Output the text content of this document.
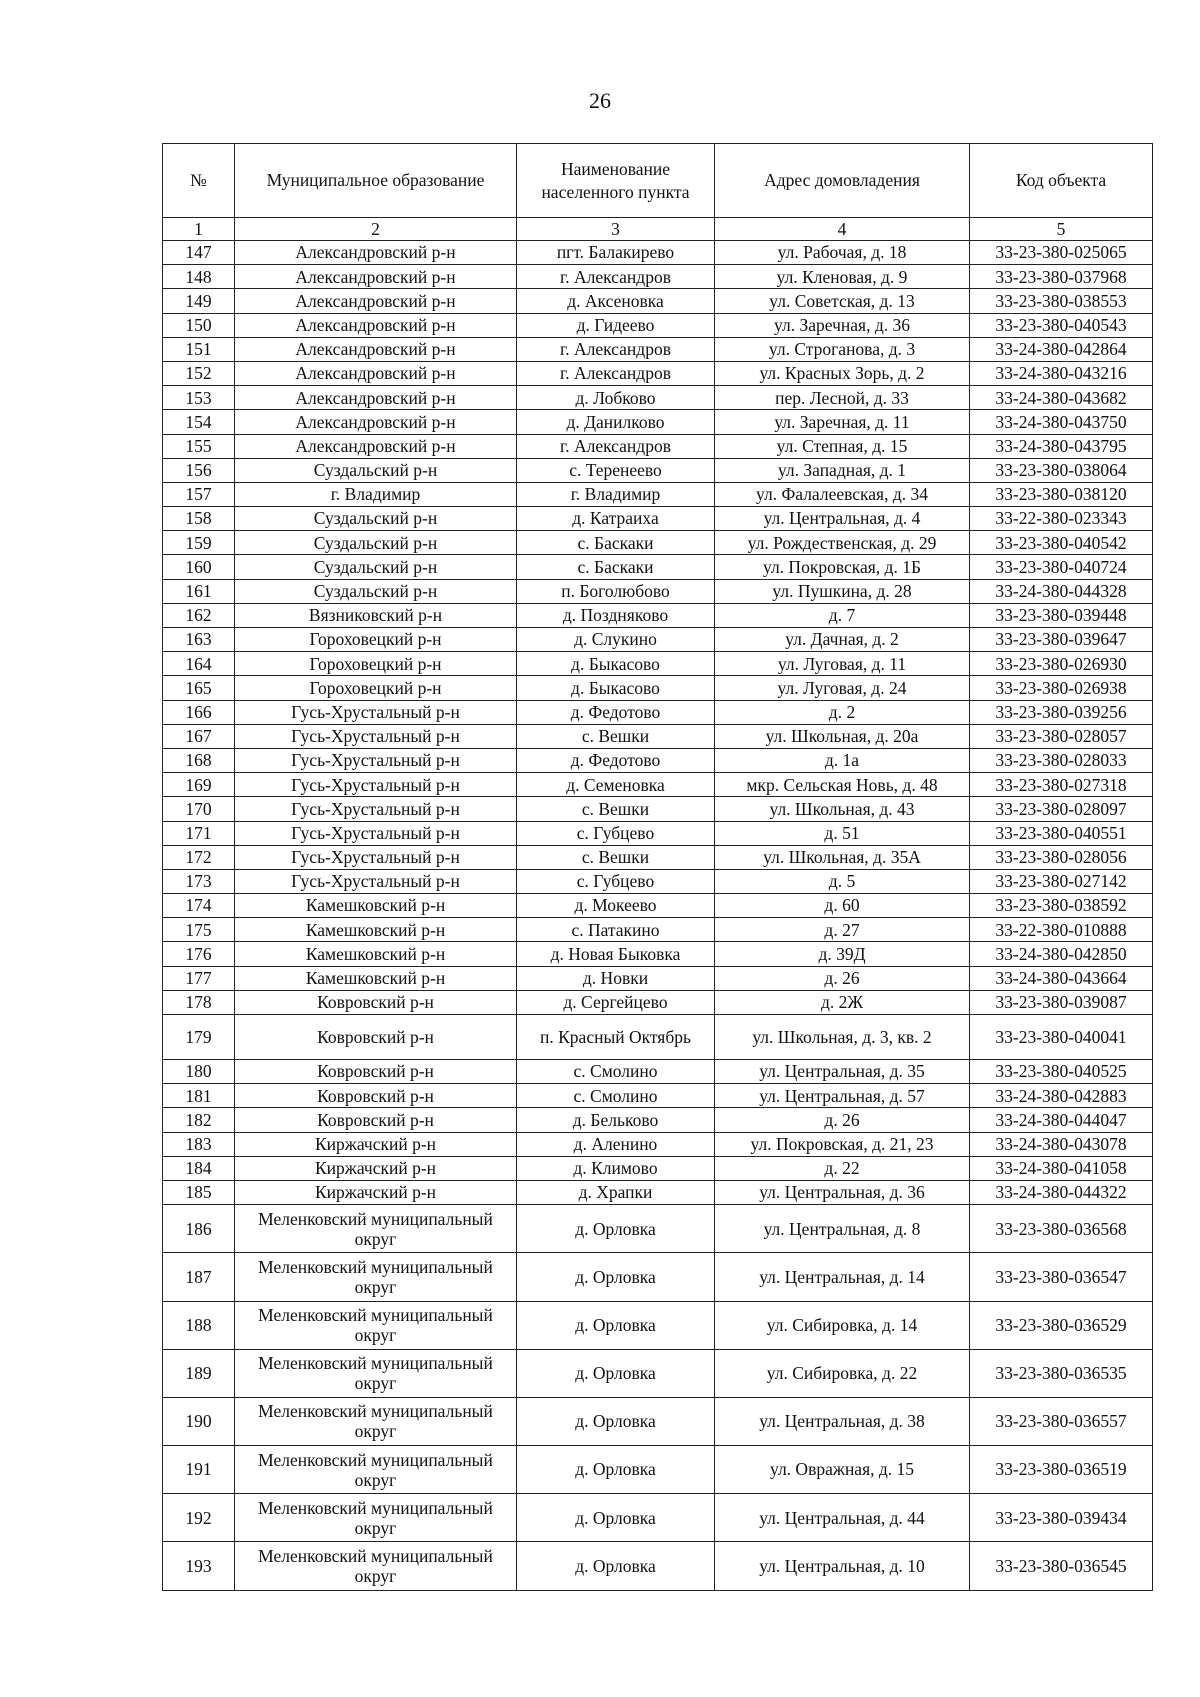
26
№	Муниципальное образование	Наименование населенного пункта	Адрес домовладения	Код объекта
1	2	3	4	5
147	Александровский р-н	пгт. Балакирево	ул. Рабочая, д. 18	33-23-380-025065
148	Александровский р-н	г. Александров	ул. Кленовая, д. 9	33-23-380-037968
149	Александровский р-н	д. Аксеновка	ул. Советская, д. 13	33-23-380-038553
150	Александровский р-н	д. Гидеево	ул. Заречная, д. 36	33-23-380-040543
151	Александровский р-н	г. Александров	ул. Строганова, д. 3	33-24-380-042864
152	Александровский р-н	г. Александров	ул. Красных Зорь, д. 2	33-24-380-043216
153	Александровский р-н	д. Лобково	пер. Лесной, д. 33	33-24-380-043682
154	Александровский р-н	д. Данилково	ул. Заречная, д. 11	33-24-380-043750
155	Александровский р-н	г. Александров	ул. Степная, д. 15	33-24-380-043795
156	Суздальский р-н	с. Теренеево	ул. Западная, д. 1	33-23-380-038064
157	г. Владимир	г. Владимир	ул. Фалалеевская, д. 34	33-23-380-038120
158	Суздальский р-н	д. Катраиха	ул. Центральная, д. 4	33-22-380-023343
159	Суздальский р-н	с. Баскаки	ул. Рождественская, д. 29	33-23-380-040542
160	Суздальский р-н	с. Баскаки	ул. Покровская, д. 1Б	33-23-380-040724
161	Суздальский р-н	п. Боголюбово	ул. Пушкина, д. 28	33-24-380-044328
162	Вязниковский р-н	д. Поздняково	д. 7	33-23-380-039448
163	Гороховецкий р-н	д. Слукино	ул. Дачная, д. 2	33-23-380-039647
164	Гороховецкий р-н	д. Быкасово	ул. Луговая, д. 11	33-23-380-026930
165	Гороховецкий р-н	д. Быкасово	ул. Луговая, д. 24	33-23-380-026938
166	Гусь-Хрустальный р-н	д. Федотово	д. 2	33-23-380-039256
167	Гусь-Хрустальный р-н	с. Вешки	ул. Школьная, д. 20а	33-23-380-028057
168	Гусь-Хрустальный р-н	д. Федотово	д. 1а	33-23-380-028033
169	Гусь-Хрустальный р-н	д. Семеновка	мкр. Сельская Новь, д. 48	33-23-380-027318
170	Гусь-Хрустальный р-н	с. Вешки	ул. Школьная, д. 43	33-23-380-028097
171	Гусь-Хрустальный р-н	с. Губцево	д. 51	33-23-380-040551
172	Гусь-Хрустальный р-н	с. Вешки	ул. Школьная, д. 35А	33-23-380-028056
173	Гусь-Хрустальный р-н	с. Губцево	д. 5	33-23-380-027142
174	Камешковский р-н	д. Мокеево	д. 60	33-23-380-038592
175	Камешковский р-н	с. Патакино	д. 27	33-22-380-010888
176	Камешковский р-н	д. Новая Быковка	д. 39Д	33-24-380-042850
177	Камешковский р-н	д. Новки	д. 26	33-24-380-043664
178	Ковровский р-н	д. Сергейцево	д. 2Ж	33-23-380-039087
179	Ковровский р-н	п. Красный Октябрь	ул. Школьная, д. 3, кв. 2	33-23-380-040041
180	Ковровский р-н	с. Смолино	ул. Центральная, д. 35	33-23-380-040525
181	Ковровский р-н	с. Смолино	ул. Центральная, д. 57	33-24-380-042883
182	Ковровский р-н	д. Бельково	д. 26	33-24-380-044047
183	Киржачский р-н	д. Аленино	ул. Покровская, д. 21, 23	33-24-380-043078
184	Киржачский р-н	д. Климово	д. 22	33-24-380-041058
185	Киржачский р-н	д. Храпки	ул. Центральная, д. 36	33-24-380-044322
186	Меленковский муниципальный округ	д. Орловка	ул. Центральная, д. 8	33-23-380-036568
187	Меленковский муниципальный округ	д. Орловка	ул. Центральная, д. 14	33-23-380-036547
188	Меленковский муниципальный округ	д. Орловка	ул. Сибировка, д. 14	33-23-380-036529
189	Меленковский муниципальный округ	д. Орловка	ул. Сибировка, д. 22	33-23-380-036535
190	Меленковский муниципальный округ	д. Орловка	ул. Центральная, д. 38	33-23-380-036557
191	Меленковский муниципальный округ	д. Орловка	ул. Овражная, д. 15	33-23-380-036519
192	Меленковский муниципальный округ	д. Орловка	ул. Центральная, д. 44	33-23-380-039434
193	Меленковский муниципальный округ	д. Орловка	ул. Центральная, д. 10	33-23-380-036545
